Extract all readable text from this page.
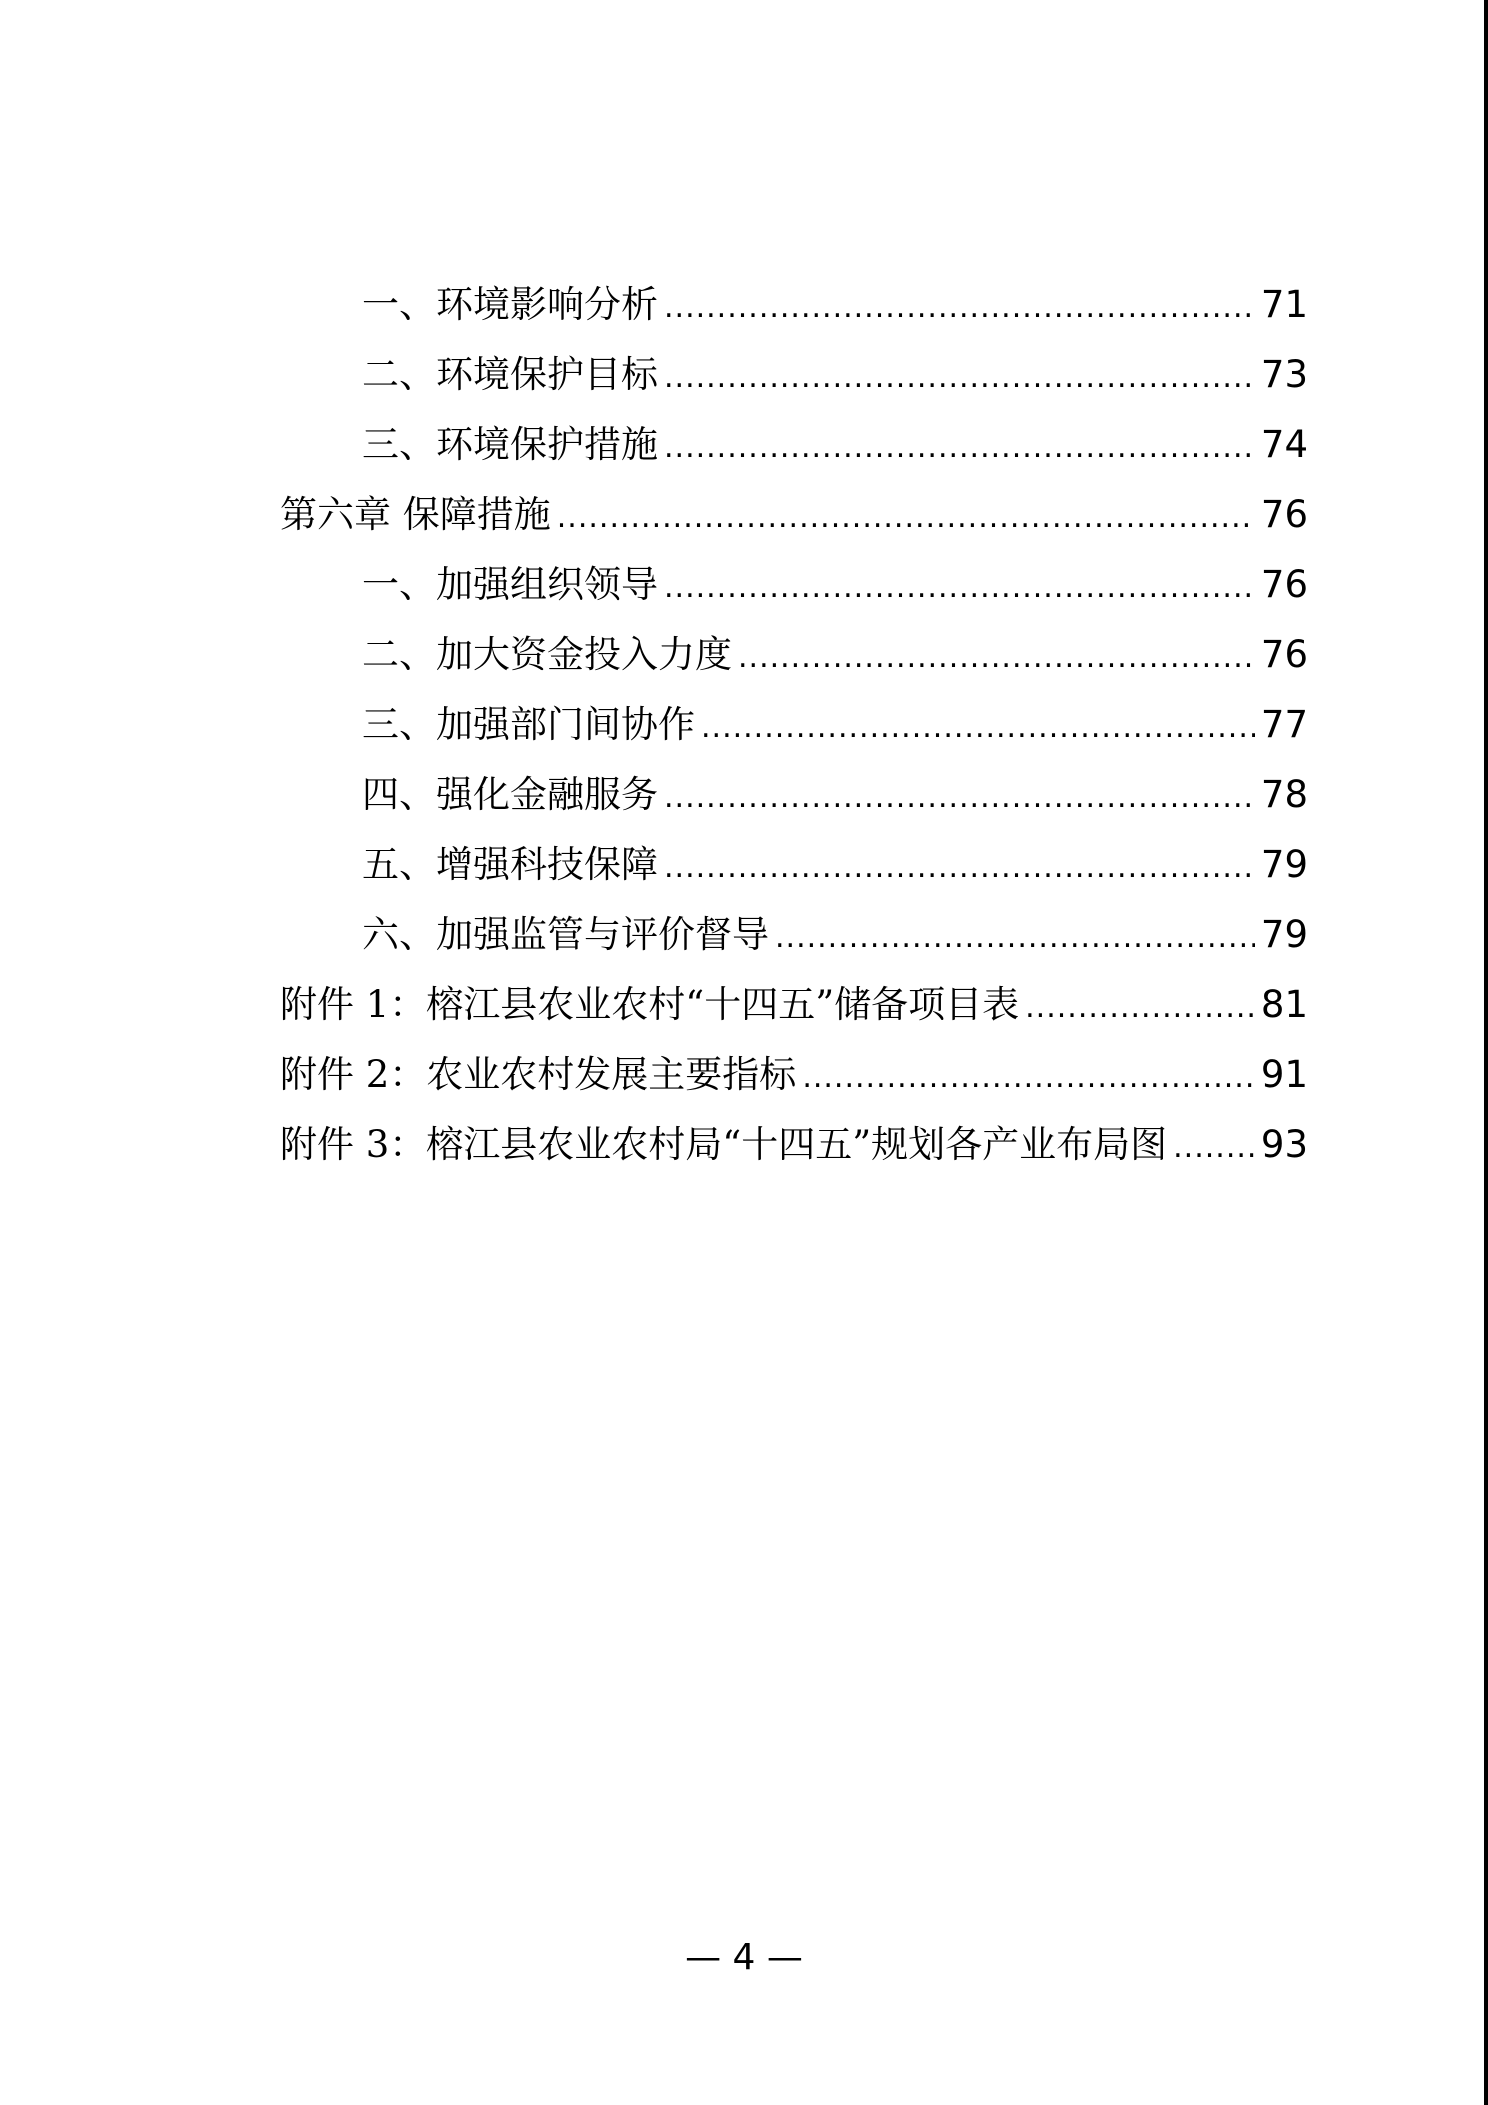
一、环境影响分析 .....	71
二、环境保护目标 .....	73
三、环境保护措施 .....	74
第六章 保障措施 .....	76
一、加强组织领导 .....	76
二、加大资金投入力度 .....	76
三、加强部门间协作 .....	77
四、强化金融服务 .....	78
五、增强科技保障 .....	79
六、加强监管与评价督导 .....	79
附件 1：榕江县农业农村“十四五”储备项目表 .....	81
附件 2：农业农村发展主要指标 .....	91
附件 3：榕江县农业农村局“十四五”规划各产业布局图 .....	93
— 4 —
